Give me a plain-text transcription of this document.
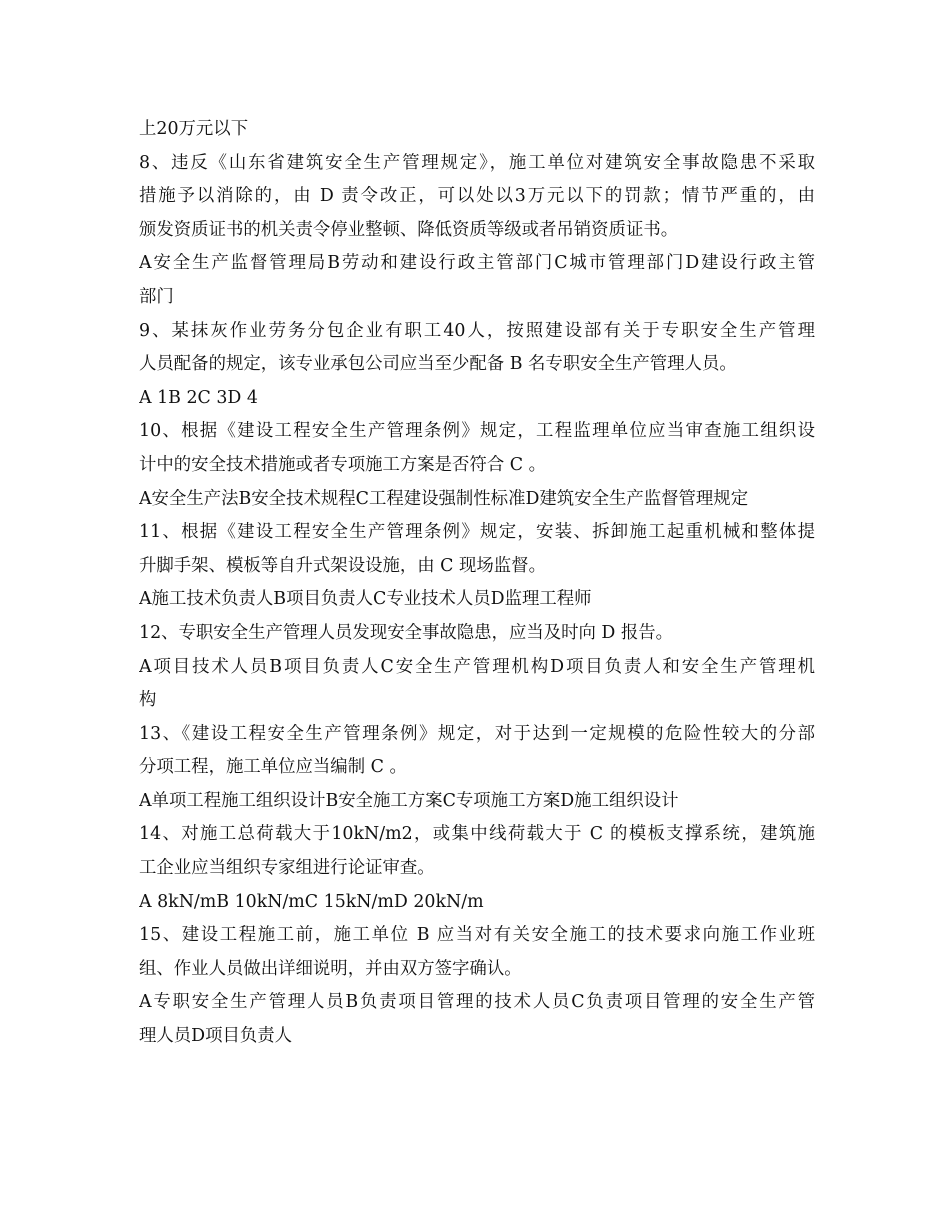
上20万元以下
8、违反《山东省建筑安全生产管理规定》，施工单位对建筑安全事故隐患不采取
措施予以消除的，由 D 责令改正，可以处以3万元以下的罚款；情节严重的，由
颁发资质证书的机关责令停业整顿、降低资质等级或者吊销资质证书。
A安全生产监督管理局B劳动和建设行政主管部门C城市管理部门D建设行政主管
部门
9、某抹灰作业劳务分包企业有职工40人，按照建设部有关于专职安全生产管理
人员配备的规定，该专业承包公司应当至少配备 B 名专职安全生产管理人员。
A 1B 2C 3D 4
10、根据《建设工程安全生产管理条例》规定，工程监理单位应当审查施工组织设
计中的安全技术措施或者专项施工方案是否符合 C 。
A安全生产法B安全技术规程C工程建设强制性标准D建筑安全生产监督管理规定
11、根据《建设工程安全生产管理条例》规定，安装、拆卸施工起重机械和整体提
升脚手架、模板等自升式架设设施，由 C 现场监督。
A施工技术负责人B项目负责人C专业技术人员D监理工程师
12、专职安全生产管理人员发现安全事故隐患，应当及时向 D 报告。
A项目技术人员B项目负责人C安全生产管理机构D项目负责人和安全生产管理机
构
13、《建设工程安全生产管理条例》规定，对于达到一定规模的危险性较大的分部
分项工程，施工单位应当编制 C 。
A单项工程施工组织设计B安全施工方案C专项施工方案D施工组织设计
14、对施工总荷载大于10kN/m2，或集中线荷载大于 C 的模板支撑系统，建筑施
工企业应当组织专家组进行论证审查。
A 8kN/mB 10kN/mC 15kN/mD 20kN/m
15、建设工程施工前，施工单位 B 应当对有关安全施工的技术要求向施工作业班
组、作业人员做出详细说明，并由双方签字确认。
A专职安全生产管理人员B负责项目管理的技术人员C负责项目管理的安全生产管
理人员D项目负责人
